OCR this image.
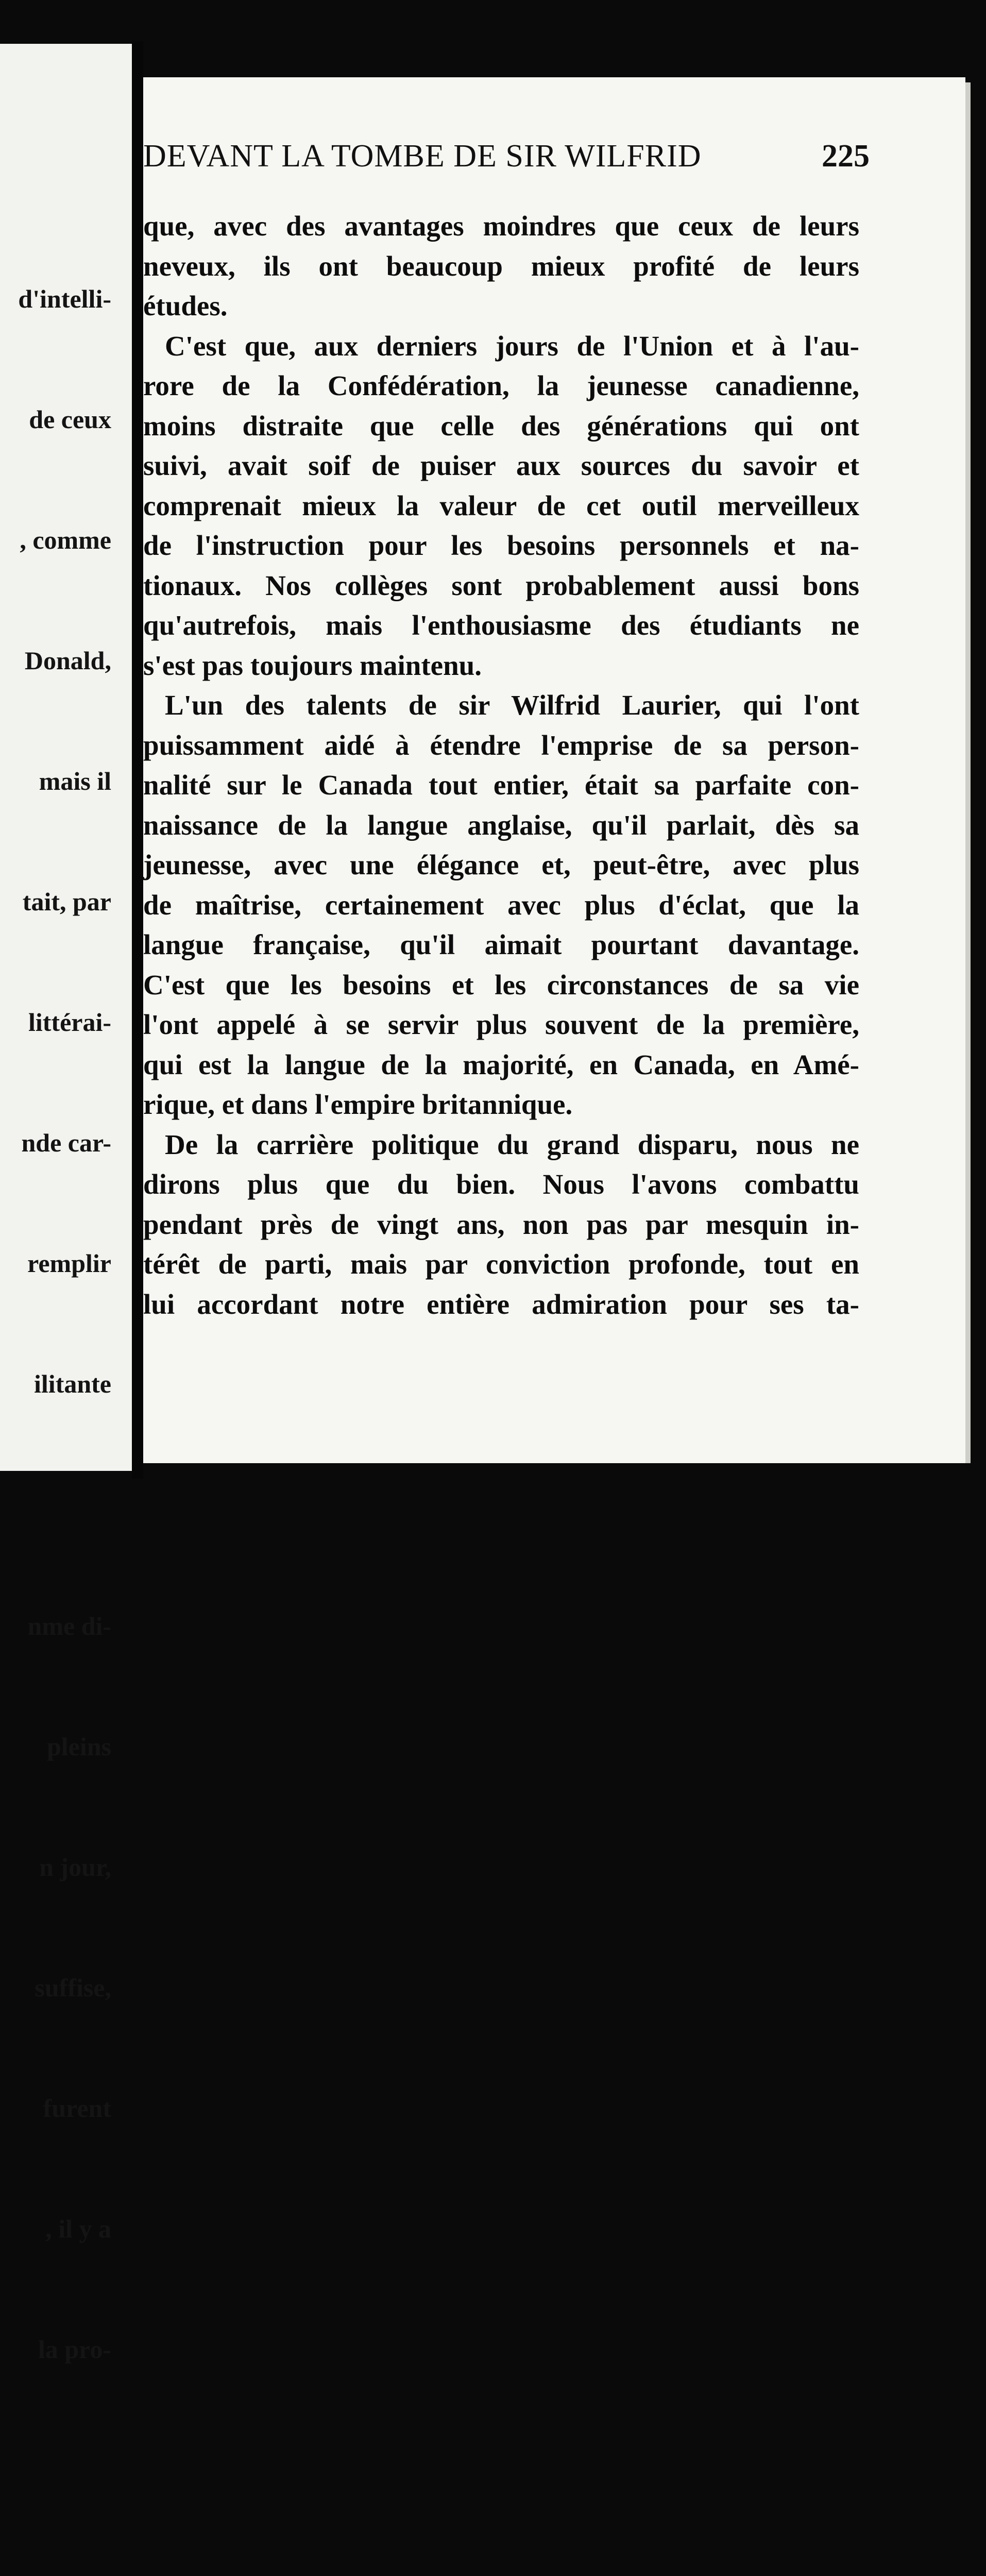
d'intelli-

de ceux

, comme

Donald,

mais il

tait, par

littérai-

nde car-

remplir

ilitante

nme di-

pleins

n jour,

suffise,

furent

, il y a

la pro-

DEVANT LA TOMBE DE SIR WILFRID	225
que, avec des avantages moindres que ceux de leurs
neveux, ils ont beaucoup mieux profité de leurs
études.
C'est que, aux derniers jours de l'Union et à l'au-
rore de la Confédération, la jeunesse canadienne,
moins distraite que celle des générations qui ont
suivi, avait soif de puiser aux sources du savoir et
comprenait mieux la valeur de cet outil merveilleux
de l'instruction pour les besoins personnels et na-
tionaux. Nos collèges sont probablement aussi bons
qu'autrefois, mais l'enthousiasme des étudiants ne
s'est pas toujours maintenu.
L'un des talents de sir Wilfrid Laurier, qui l'ont
puissamment aidé à étendre l'emprise de sa person-
nalité sur le Canada tout entier, était sa parfaite con-
naissance de la langue anglaise, qu'il parlait, dès sa
jeunesse, avec une élégance et, peut-être, avec plus
de maîtrise, certainement avec plus d'éclat, que la
langue française, qu'il aimait pourtant davantage.
C'est que les besoins et les circonstances de sa vie
l'ont appelé à se servir plus souvent de la première,
qui est la langue de la majorité, en Canada, en Amé-
rique, et dans l'empire britannique.
De la carrière politique du grand disparu, nous ne
dirons plus que du bien. Nous l'avons combattu
pendant près de vingt ans, non pas par mesquin in-
térêt de parti, mais par conviction profonde, tout en
lui accordant notre entière admiration pour ses ta-
